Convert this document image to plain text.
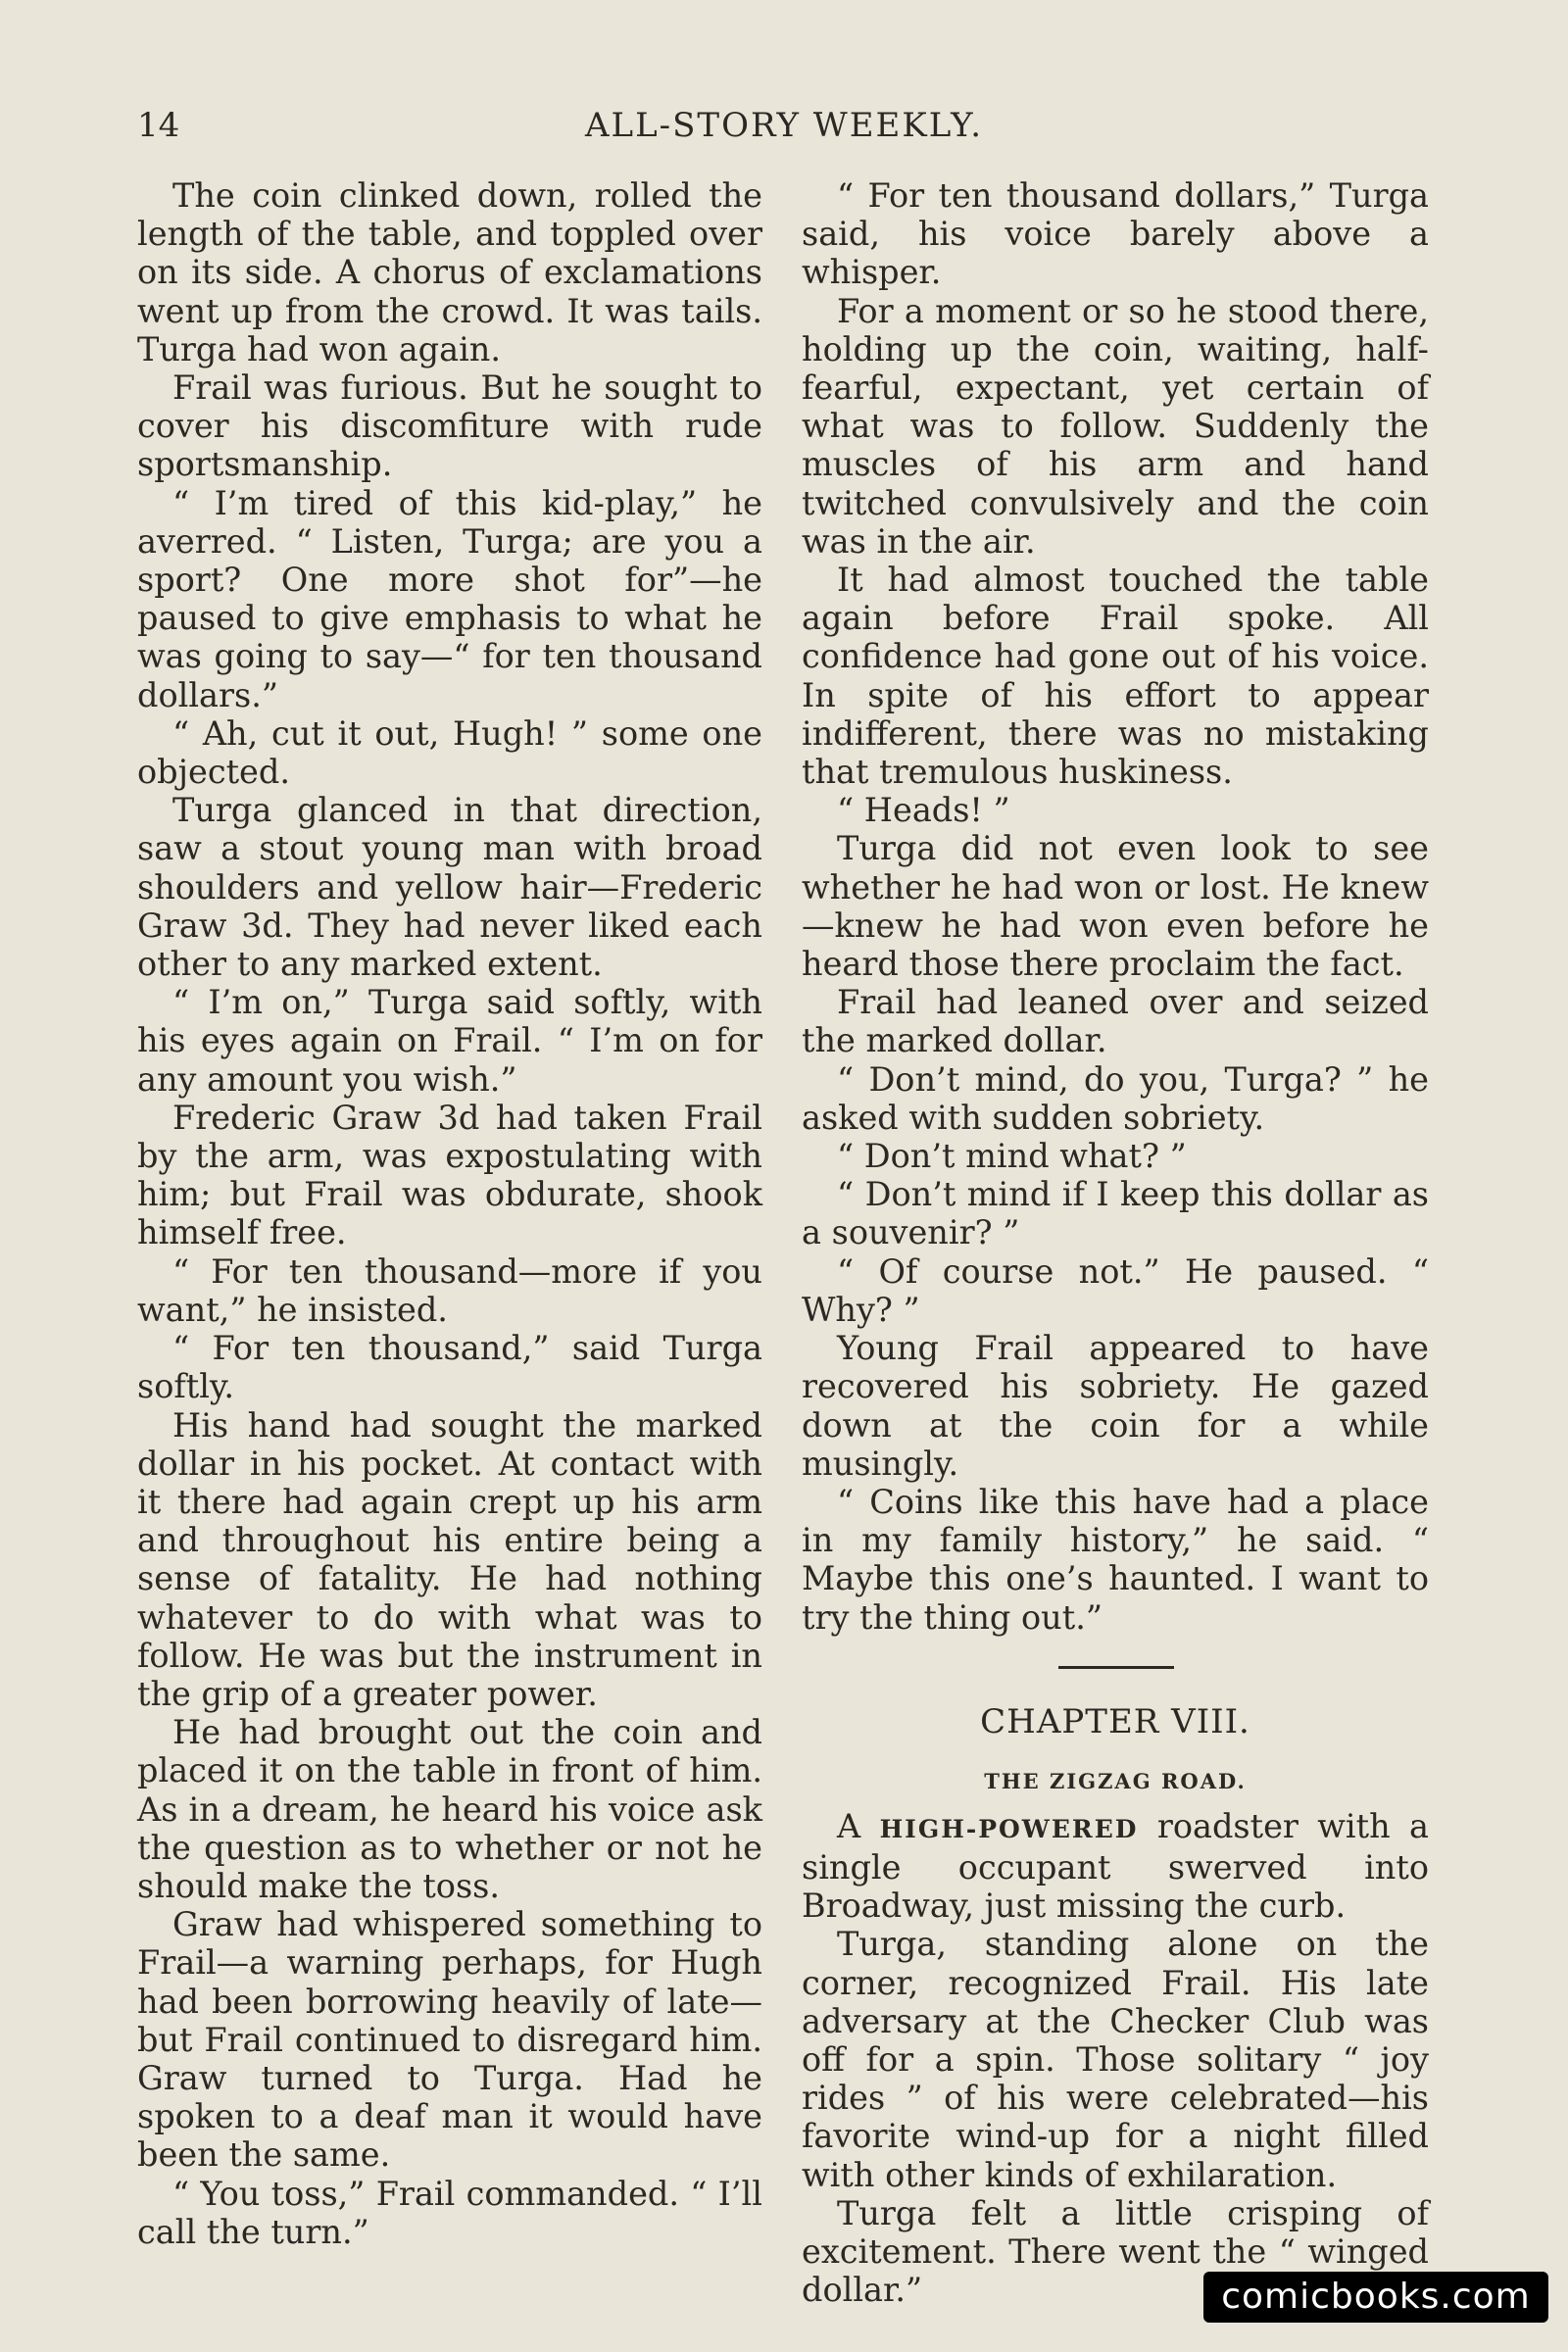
14	ALL-STORY WEEKLY.

The coin clinked down, rolled the length of the table, and toppled over on its side. A chorus of exclamations went up from the crowd. It was tails. Turga had won again.

Frail was furious. But he sought to cover his discomfiture with rude sportsmanship.

“ I’m tired of this kid-play,” he averred. “ Listen, Turga; are you a sport? One more shot for”—he paused to give emphasis to what he was going to say—“ for ten thousand dollars.”

“ Ah, cut it out, Hugh! ” some one objected.

Turga glanced in that direction, saw a stout young man with broad shoulders and yellow hair—Frederic Graw 3d. They had never liked each other to any marked extent.

“ I’m on,” Turga said softly, with his eyes again on Frail. “ I’m on for any amount you wish.”

Frederic Graw 3d had taken Frail by the arm, was expostulating with him; but Frail was obdurate, shook himself free.

“ For ten thousand—more if you want,” he insisted.

“ For ten thousand,” said Turga softly.

His hand had sought the marked dollar in his pocket. At contact with it there had again crept up his arm and throughout his entire being a sense of fatality. He had nothing whatever to do with what was to follow. He was but the instrument in the grip of a greater power.

He had brought out the coin and placed it on the table in front of him. As in a dream, he heard his voice ask the question as to whether or not he should make the toss.

Graw had whispered something to Frail—a warning perhaps, for Hugh had been borrowing heavily of late—but Frail continued to disregard him. Graw turned to Turga. Had he spoken to a deaf man it would have been the same.

“ You toss,” Frail commanded. “ I’ll call the turn.”

“ For ten thousand dollars,” Turga said, his voice barely above a whisper.

For a moment or so he stood there, holding up the coin, waiting, half-fearful, expectant, yet certain of what was to follow. Suddenly the muscles of his arm and hand twitched convulsively and the coin was in the air.

It had almost touched the table again before Frail spoke. All confidence had gone out of his voice. In spite of his effort to appear indifferent, there was no mistaking that tremulous huskiness.

“ Heads! ”

Turga did not even look to see whether he had won or lost. He knew —knew he had won even before he heard those there proclaim the fact.

Frail had leaned over and seized the marked dollar.

“ Don’t mind, do you, Turga? ” he asked with sudden sobriety.

“ Don’t mind what? ”

“ Don’t mind if I keep this dollar as a souvenir? ”

“ Of course not.” He paused. “ Why? ”

Young Frail appeared to have recovered his sobriety. He gazed down at the coin for a while musingly.

“ Coins like this have had a place in my family history,” he said. “ Maybe this one’s haunted. I want to try the thing out.”

CHAPTER VIII.
THE ZIGZAG ROAD.

A HIGH-POWERED roadster with a single occupant swerved into Broadway, just missing the curb.

Turga, standing alone on the corner, recognized Frail. His late adversary at the Checker Club was off for a spin. Those solitary “ joy rides ” of his were celebrated—his favorite wind-up for a night filled with other kinds of exhilaration.

Turga felt a little crisping of excitement. There went the “ winged dollar.”	comicbooks.com
